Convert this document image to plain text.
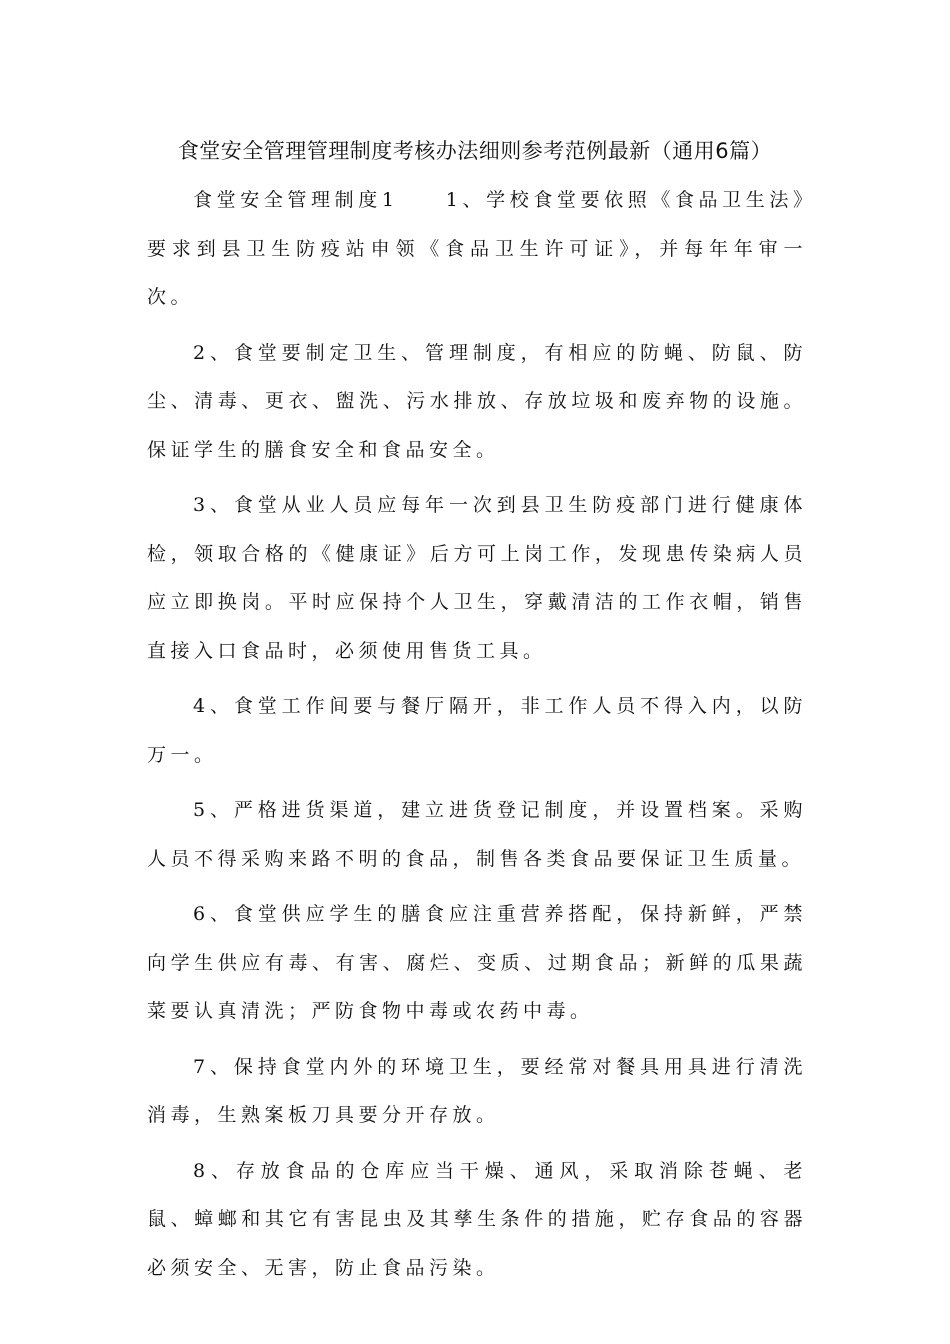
食堂安全管理管理制度考核办法细则参考范例最新（通用6篇）

食堂安全管理制度1　　1、学校食堂要依照《食品卫生法》要求到县卫生防疫站申领《食品卫生许可证》，并每年年审一次。

2、食堂要制定卫生、管理制度，有相应的防蝇、防鼠、防尘、清毒、更衣、盥洗、污水排放、存放垃圾和废弃物的设施。保证学生的膳食安全和食品安全。

3、食堂从业人员应每年一次到县卫生防疫部门进行健康体检，领取合格的《健康证》后方可上岗工作，发现患传染病人员应立即换岗。平时应保持个人卫生，穿戴清洁的工作衣帽，销售直接入口食品时，必须使用售货工具。

4、食堂工作间要与餐厅隔开，非工作人员不得入内，以防万一。

5、严格进货渠道，建立进货登记制度，并设置档案。采购人员不得采购来路不明的食品，制售各类食品要保证卫生质量。

6、食堂供应学生的膳食应注重营养搭配，保持新鲜，严禁向学生供应有毒、有害、腐烂、变质、过期食品；新鲜的瓜果蔬菜要认真清洗；严防食物中毒或农药中毒。

7、保持食堂内外的环境卫生，要经常对餐具用具进行清洗消毒，生熟案板刀具要分开存放。

8、存放食品的仓库应当干燥、通风，采取消除苍蝇、老鼠、蟑螂和其它有害昆虫及其孳生条件的措施，贮存食品的容器必须安全、无害，防止食品污染。
